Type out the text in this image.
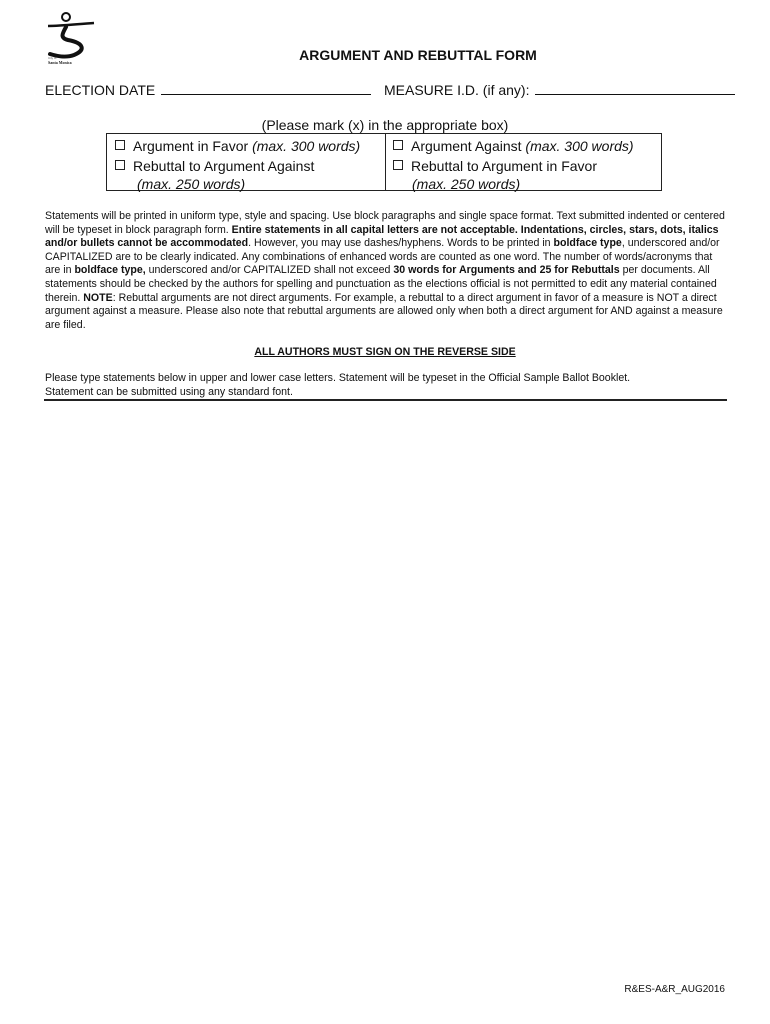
City of
Santa Monica	ARGUMENT AND REBUTTAL FORM
ELECTION DATE	MEASURE I.D. (if any):
(Please mark (x) in the appropriate box)
Argument in Favor (max. 300 words)
Rebuttal to Argument Against
(max. 250 words)
Argument Against (max. 300 words)
Rebuttal to Argument in Favor
(max. 250 words)
Statements will be printed in uniform type, style and spacing. Use block paragraphs and single space format. Text submitted indented or centered will be typeset in block paragraph form. Entire statements in all capital letters are not acceptable. Indentations, circles, stars, dots, italics and/or bullets cannot be accommodated. However, you may use dashes/hyphens. Words to be printed in boldface type, underscored and/or CAPITALIZED are to be clearly indicated. Any combinations of enhanced words are counted as one word. The number of words/acronyms that are in boldface type, underscored and/or CAPITALIZED shall not exceed 30 words for Arguments and 25 for Rebuttals per documents. All statements should be checked by the authors for spelling and punctuation as the elections official is not permitted to edit any material contained therein. NOTE: Rebuttal arguments are not direct arguments. For example, a rebuttal to a direct argument in favor of a measure is NOT a direct argument against a measure. Please also note that rebuttal arguments are allowed only when both a direct argument for AND against a measure are filed.
ALL AUTHORS MUST SIGN ON THE REVERSE SIDE
Please type statements below in upper and lower case letters. Statement will be typeset in the Official Sample Ballot Booklet.
Statement can be submitted using any standard font.
R&ES-A&R_AUG2016
